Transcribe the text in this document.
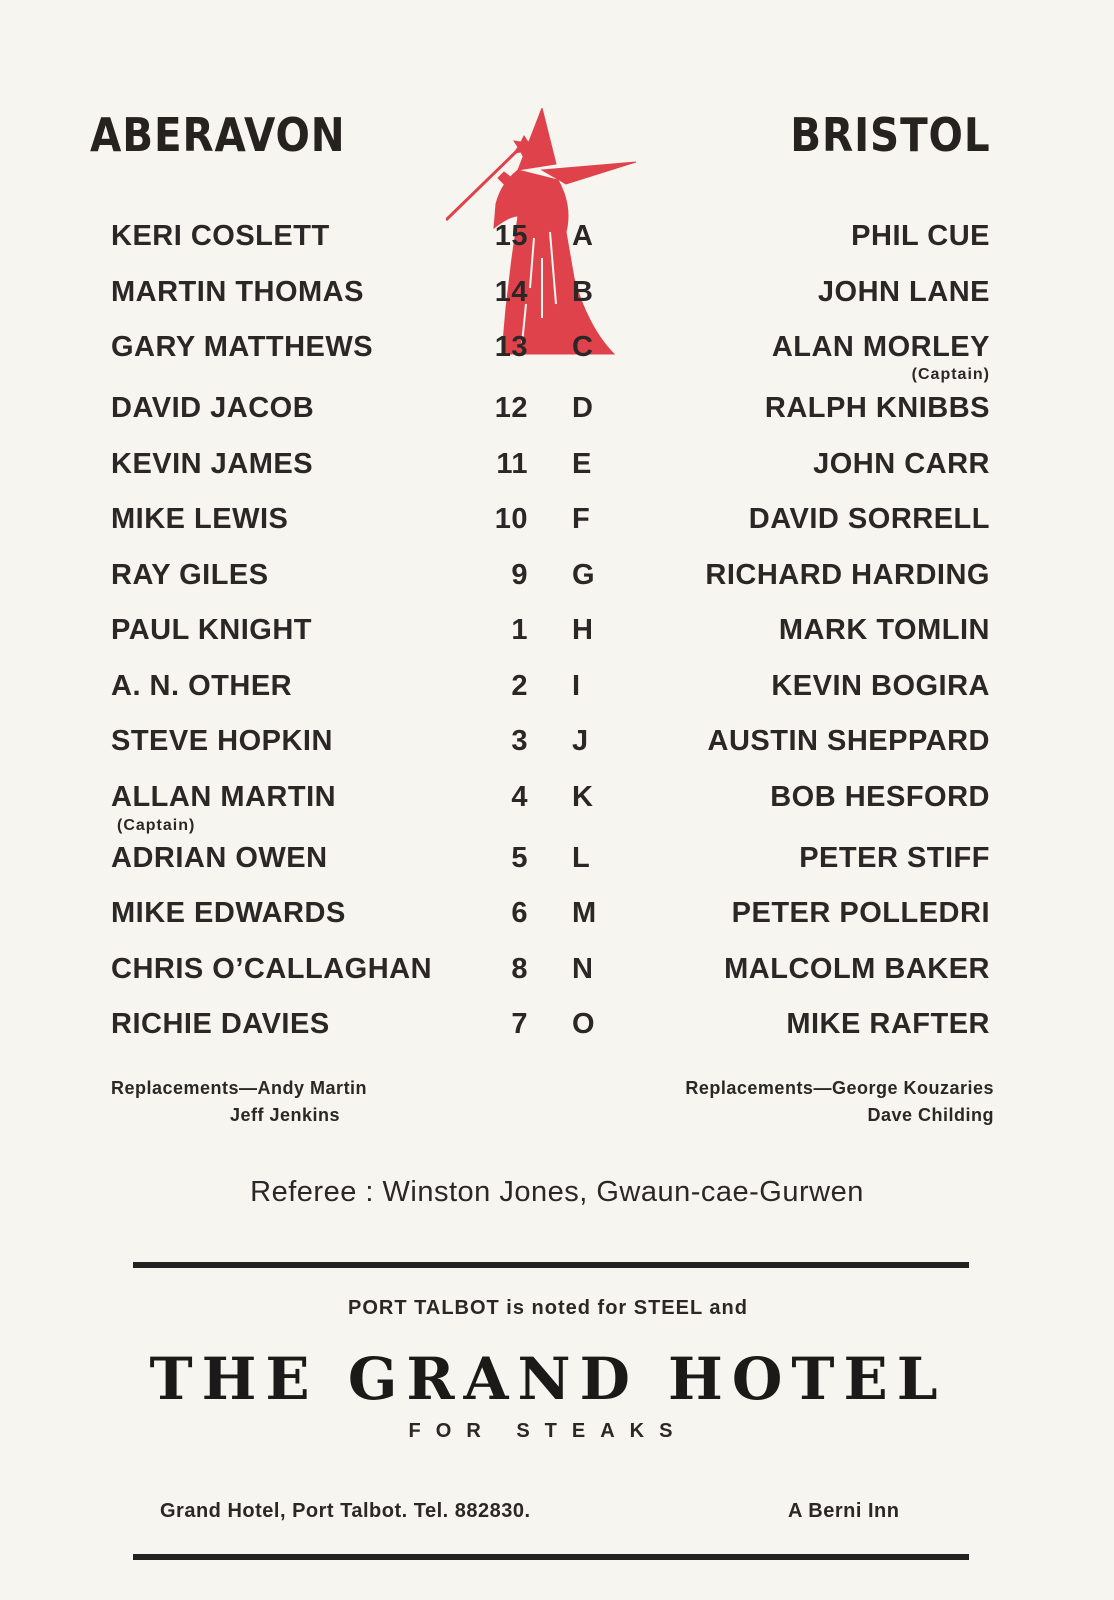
ABERAVON	BRISTOL
KERI COSLETT	15 A	PHIL CUE
MARTIN THOMAS	14 B	JOHN LANE
GARY MATTHEWS	13 C	ALAN MORLEY
(Captain)
DAVID JACOB	12 D	RALPH KNIBBS
KEVIN JAMES	11 E	JOHN CARR
MIKE LEWIS	10 F	DAVID SORRELL
RAY GILES	9 G	RICHARD HARDING
PAUL KNIGHT	1 H	MARK TOMLIN
A. N. OTHER	2 I	KEVIN BOGIRA
STEVE HOPKIN	3 J	AUSTIN SHEPPARD
ALLAN MARTIN	4 K	BOB HESFORD
(Captain)
ADRIAN OWEN	5 L	PETER STIFF
MIKE EDWARDS	6 M	PETER POLLEDRI
CHRIS O’CALLAGHAN	8 N	MALCOLM BAKER
RICHIE DAVIES	7 O	MIKE RAFTER
Replacements—Andy Martin
Jeff Jenkins
Replacements—George Kouzaries
Dave Childing
Referee : Winston Jones, Gwaun-cae-Gurwen
PORT TALBOT is noted for STEEL and
THE GRAND HOTEL
FOR STEAKS
Grand Hotel, Port Talbot. Tel. 882830.	A Berni Inn
